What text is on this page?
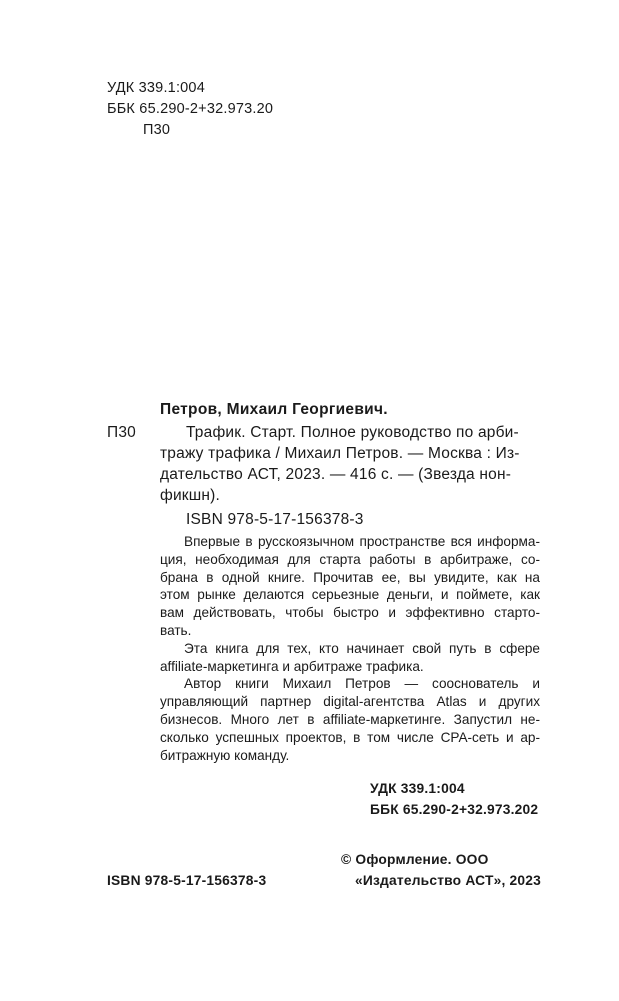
УДК 339.1:004
ББК 65.290-2+32.973.20
П30
Петров, Михаил Георгиевич.
П30	Трафик. Старт. Полное руководство по арби-
тражу трафика / Михаил Петров. — Москва : Из-
дательство АСТ, 2023. — 416 с. — (Звезда нон-
фикшн).
ISBN 978-5-17-156378-3
Впервые в русскоязычном пространстве вся информа-
ция, необходимая для старта работы в арбитраже, со-
брана в одной книге. Прочитав ее, вы увидите, как на
этом рынке делаются серьезные деньги, и поймете, как
вам действовать, чтобы быстро и эффективно старто-
вать.
Эта книга для тех, кто начинает свой путь в сфере
affiliate-маркетинга и арбитраже трафика.
Автор книги Михаил Петров — сооснователь и
управляющий партнер digital-агентства Atlas и других
бизнесов. Много лет в affiliate-маркетинге. Запустил не-
сколько успешных проектов, в том числе CPA-сеть и ар-
битражную команду.
УДК 339.1:004
ББК 65.290-2+32.973.202
© Оформление. ООО
ISBN 978-5-17-156378-3	«Издательство АСТ», 2023
